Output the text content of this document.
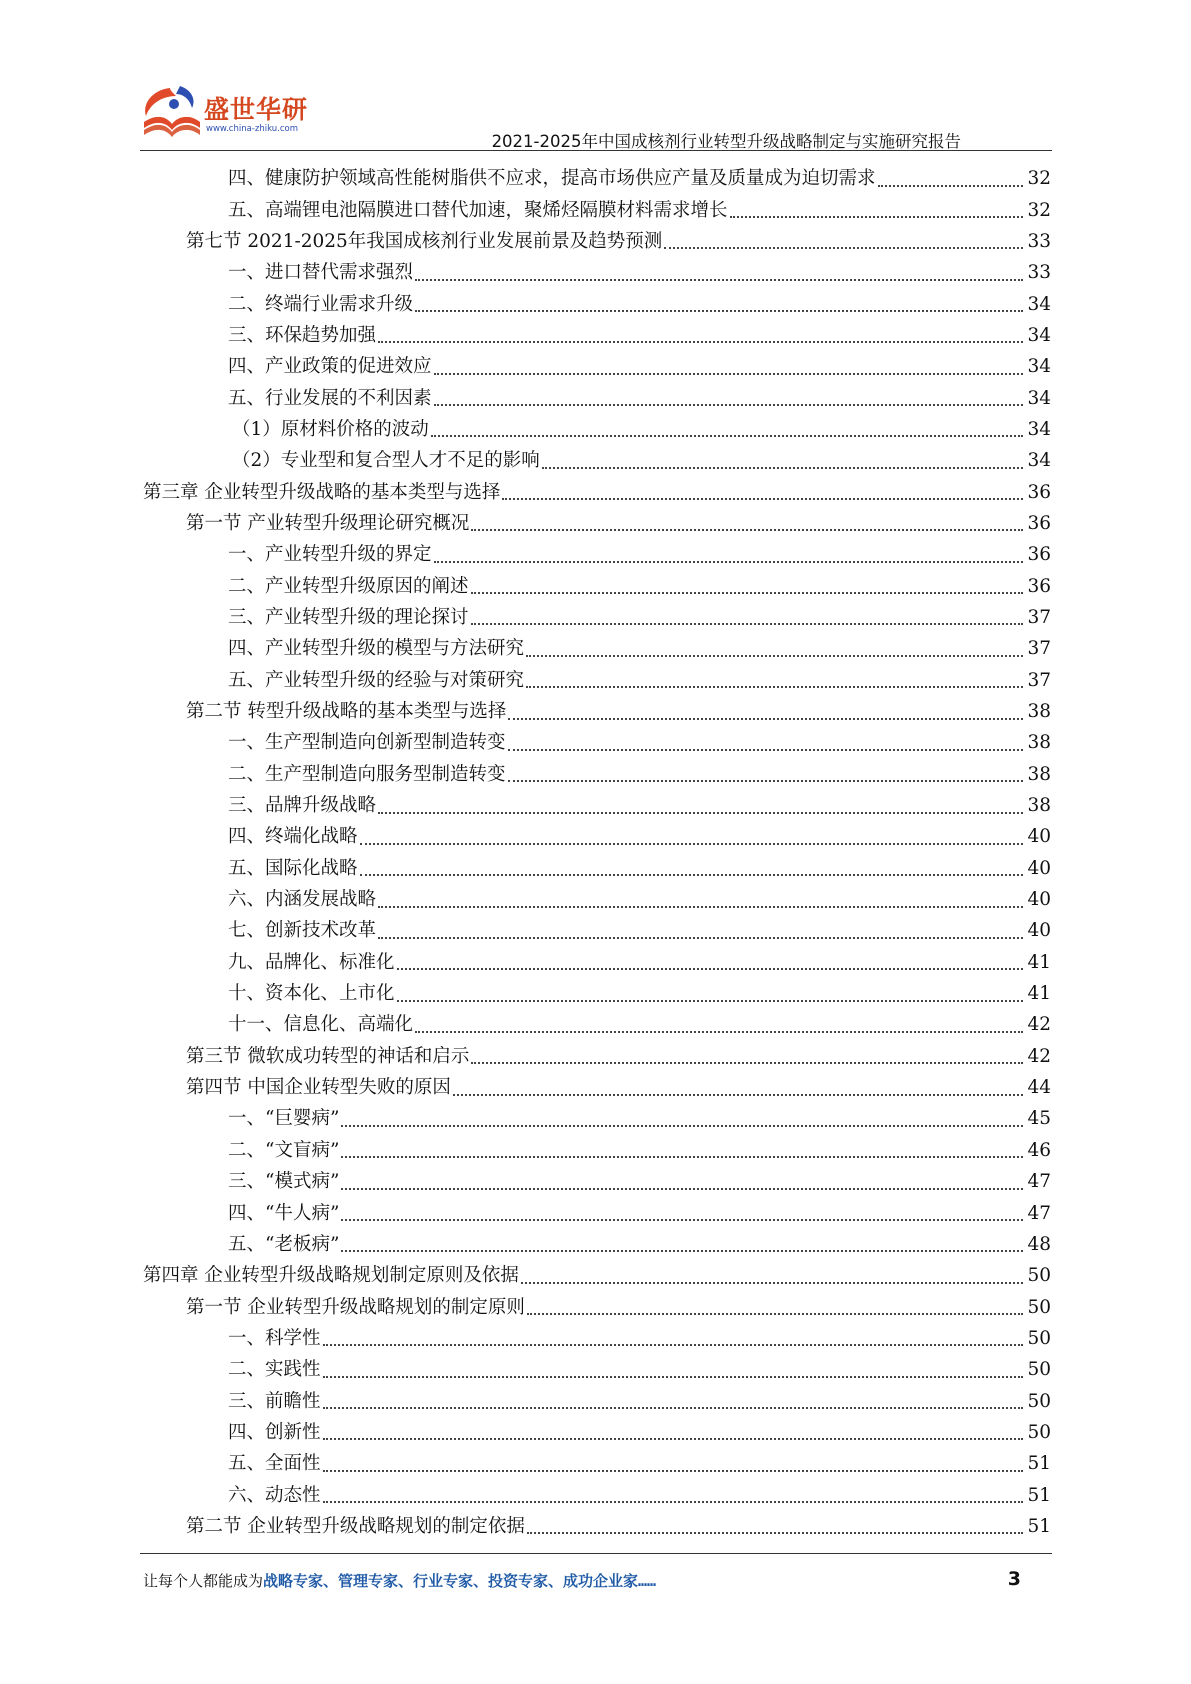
盛世华研
www.china-zhiku.com
2021-2025年中国成核剂行业转型升级战略制定与实施研究报告
四、健康防护领域高性能树脂供不应求，提高市场供应产量及质量成为迫切需求	32
五、高端锂电池隔膜进口替代加速，聚烯烃隔膜材料需求增长	32
第七节 2021-2025年我国成核剂行业发展前景及趋势预测	33
一、进口替代需求强烈	33
二、终端行业需求升级	34
三、环保趋势加强	34
四、产业政策的促进效应	34
五、行业发展的不利因素	34
（1）原材料价格的波动	34
（2）专业型和复合型人才不足的影响	34
第三章 企业转型升级战略的基本类型与选择	36
第一节 产业转型升级理论研究概况	36
一、产业转型升级的界定	36
二、产业转型升级原因的阐述	36
三、产业转型升级的理论探讨	37
四、产业转型升级的模型与方法研究	37
五、产业转型升级的经验与对策研究	37
第二节 转型升级战略的基本类型与选择	38
一、生产型制造向创新型制造转变	38
二、生产型制造向服务型制造转变	38
三、品牌升级战略	38
四、终端化战略	40
五、国际化战略	40
六、内涵发展战略	40
七、创新技术改革	40
九、品牌化、标准化	41
十、资本化、上市化	41
十一、信息化、高端化	42
第三节 微软成功转型的神话和启示	42
第四节 中国企业转型失败的原因	44
一、“巨婴病”	45
二、“文盲病”	46
三、“模式病”	47
四、“牛人病”	47
五、“老板病”	48
第四章 企业转型升级战略规划制定原则及依据	50
第一节 企业转型升级战略规划的制定原则	50
一、科学性	50
二、实践性	50
三、前瞻性	50
四、创新性	50
五、全面性	51
六、动态性	51
第二节 企业转型升级战略规划的制定依据	51
让每个人都能成为战略专家、管理专家、行业专家、投资专家、成功企业家……	3
